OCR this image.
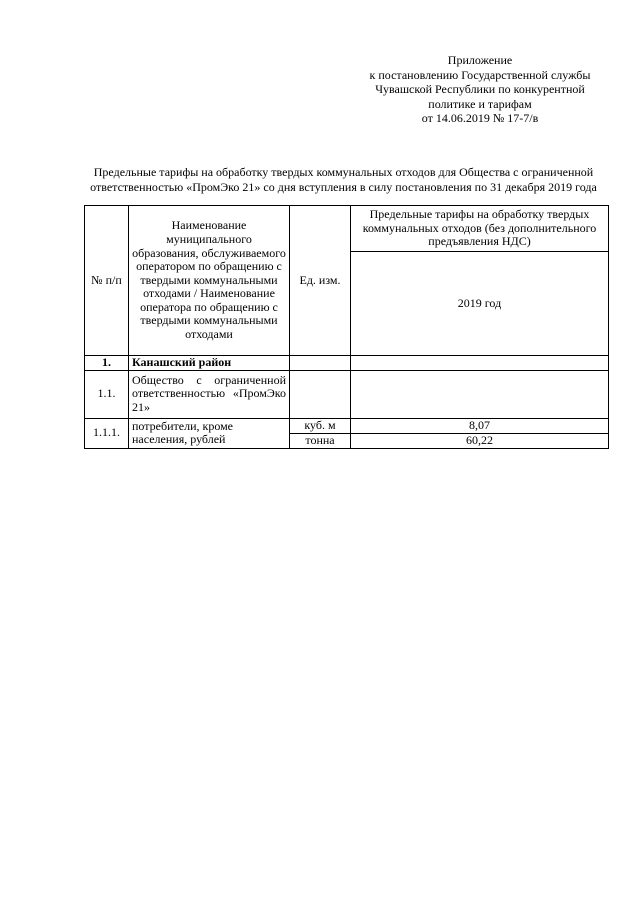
Приложение
к постановлению Государственной службы
Чувашской Республики по конкурентной
политике и тарифам
от 14.06.2019 № 17-7/в
Предельные тарифы на обработку твердых коммунальных отходов для Общества с ограниченной ответственностью «ПромЭко 21» со дня вступления в силу постановления по 31 декабря 2019 года
№ п/п	Наименование муниципального образования, обслуживаемого оператором по обращению с твердыми коммунальными отходами / Наименование оператора по обращению с твердыми коммунальными отходами	Ед. изм.	Предельные тарифы на обработку твердых коммунальных отходов (без дополнительного предъявления НДС)
			2019 год
1.	Канашский район		
1.1.	Общество с ограниченной ответственностью «ПромЭко 21»		
1.1.1.	потребители, кроме населения, рублей	куб. м	8,07
		тонна	60,22
